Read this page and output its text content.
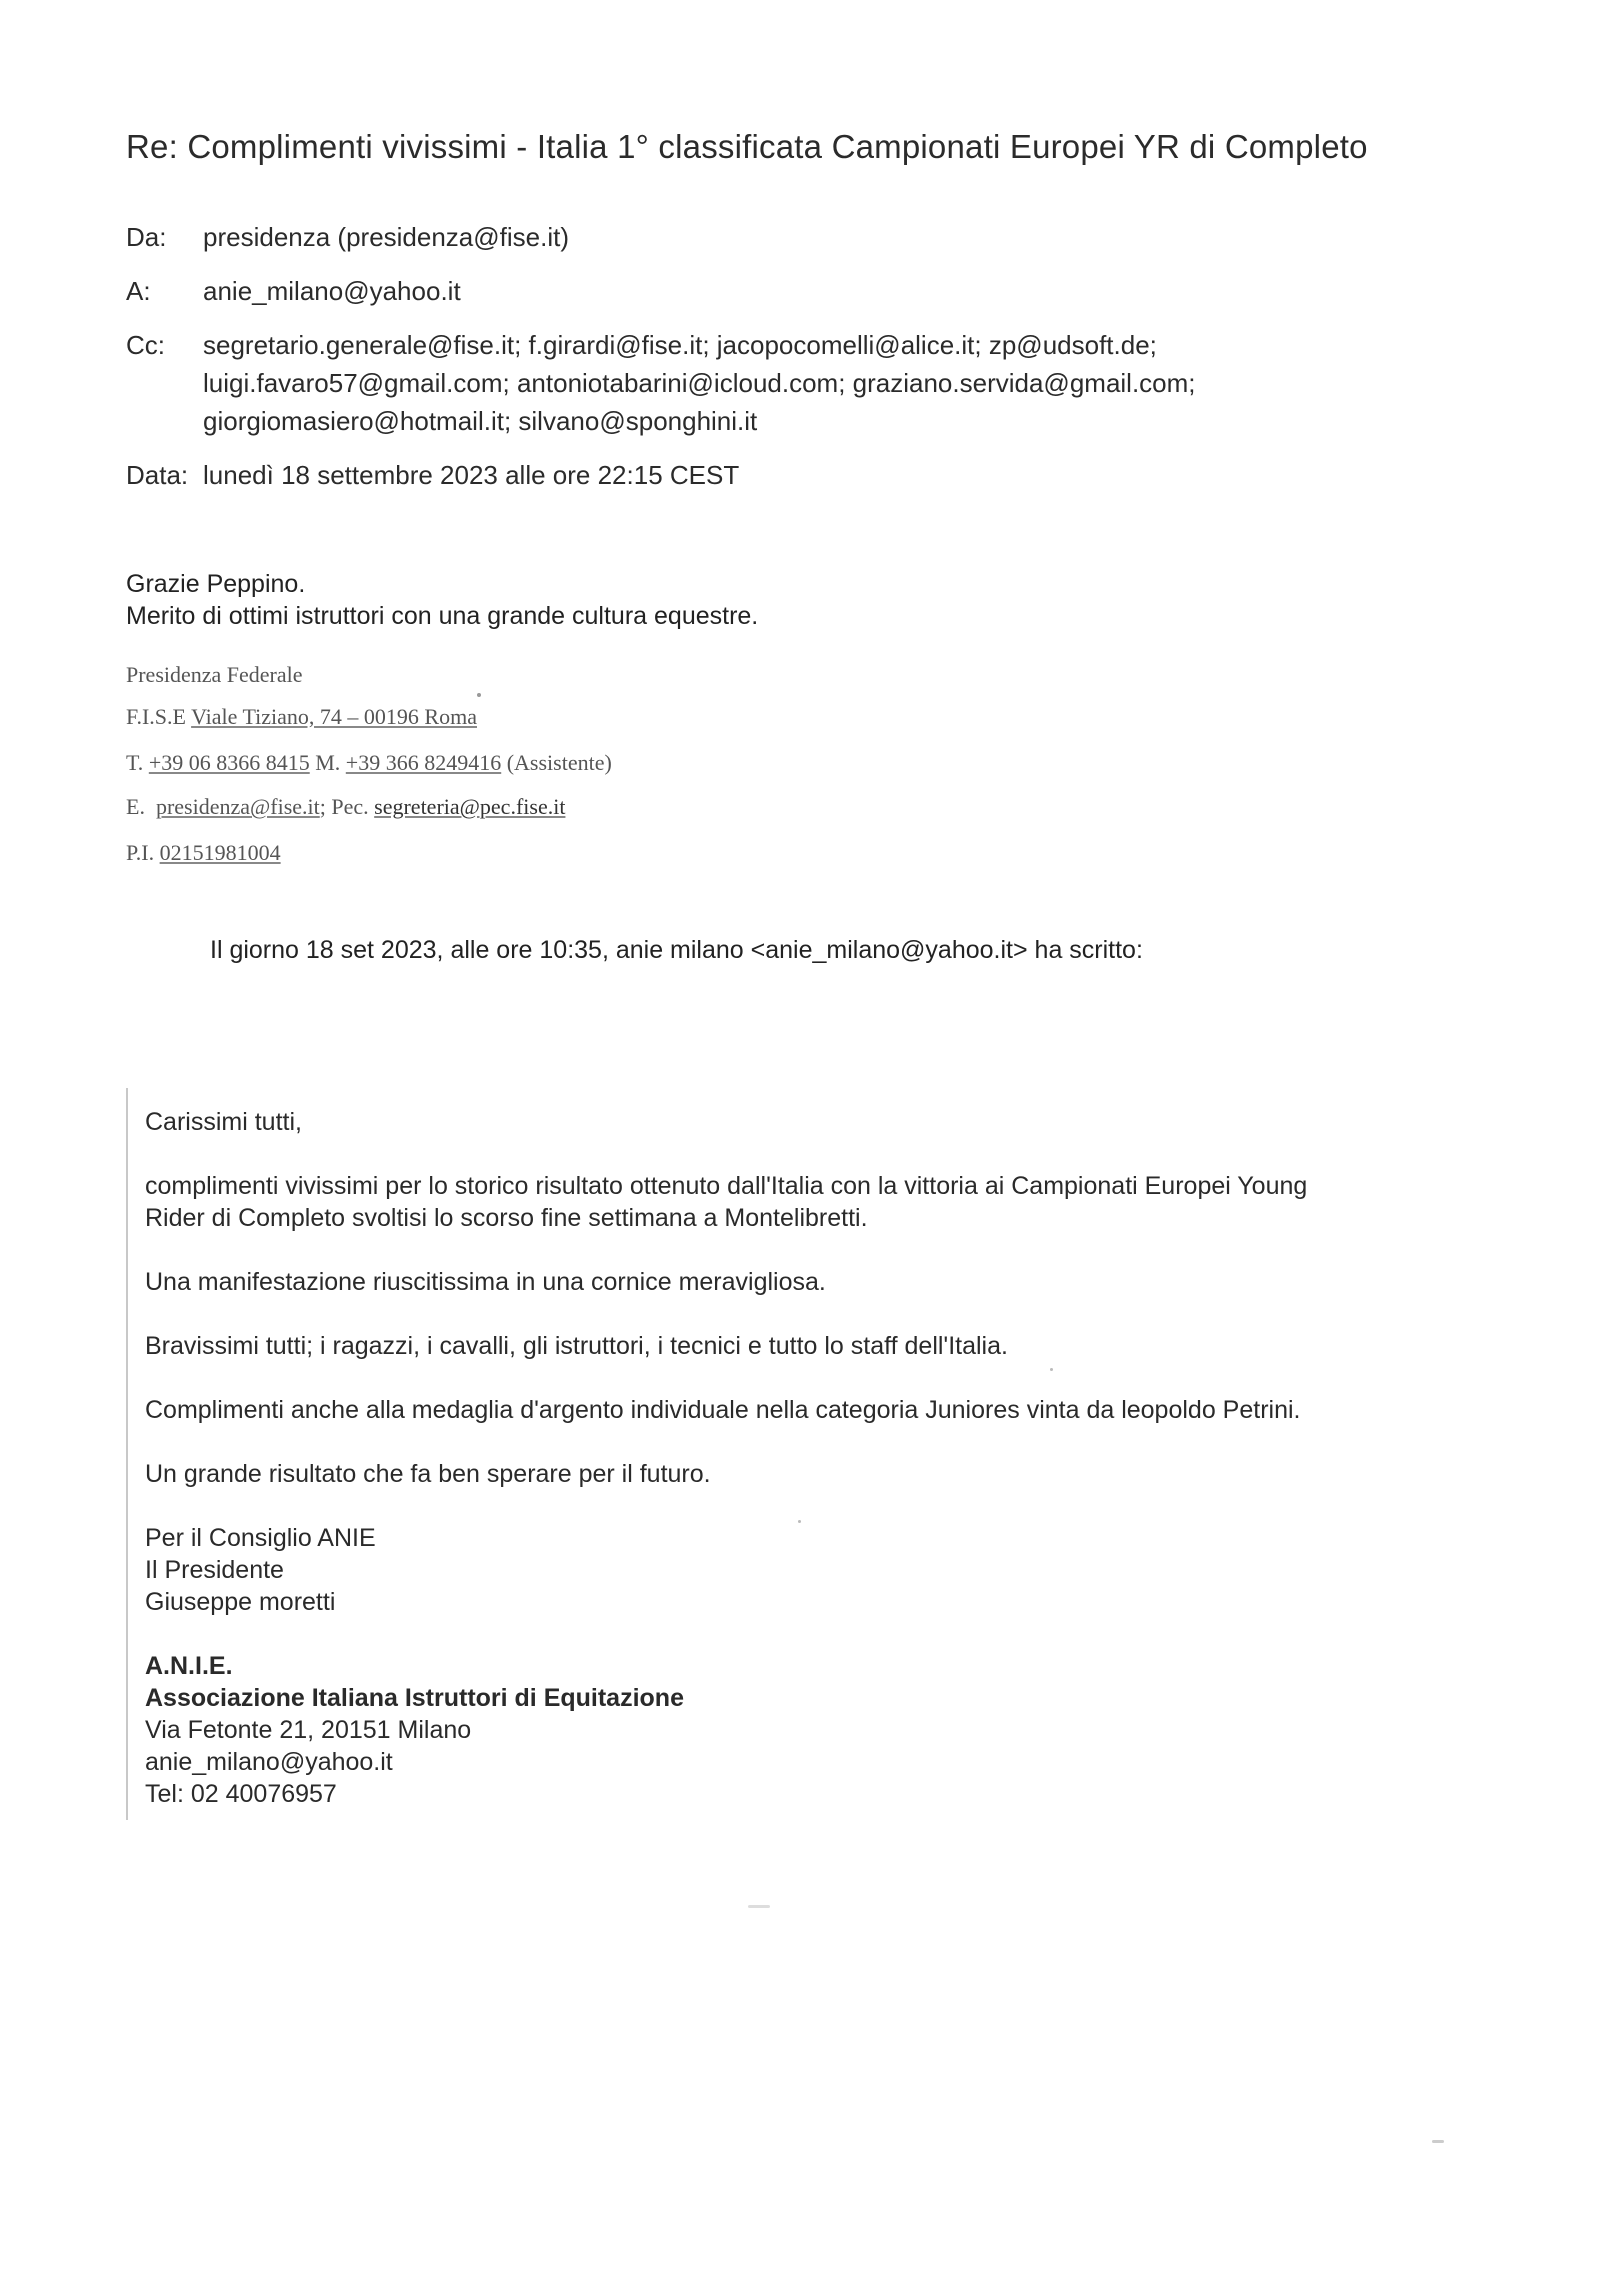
Re: Complimenti vivissimi - Italia 1° classificata Campionati Europei YR di Completo
Da: presidenza (presidenza@fise.it)
A: anie_milano@yahoo.it
Cc: segretario.generale@fise.it; f.girardi@fise.it; jacopocomelli@alice.it; zp@udsoft.de;
luigi.favaro57@gmail.com; antoniotabarini@icloud.com; graziano.servida@gmail.com;
giorgiomasiero@hotmail.it; silvano@sponghini.it
Data: lunedì 18 settembre 2023 alle ore 22:15 CEST
Grazie Peppino.
Merito di ottimi istruttori con una grande cultura equestre.
Presidenza Federale
F.I.S.E Viale Tiziano, 74 – 00196 Roma
T. +39 06 8366 8415 M. +39 366 8249416 (Assistente)
E. presidenza@fise.it; Pec. segreteria@pec.fise.it
P.I. 02151981004
Il giorno 18 set 2023, alle ore 10:35, anie milano <anie_milano@yahoo.it> ha scritto:
Carissimi tutti,
complimenti vivissimi per lo storico risultato ottenuto dall'Italia con la vittoria ai Campionati Europei Young
Rider di Completo svoltisi lo scorso fine settimana a Montelibretti.
Una manifestazione riuscitissima in una cornice meravigliosa.
Bravissimi tutti; i ragazzi, i cavalli, gli istruttori, i tecnici e tutto lo staff dell'Italia.
Complimenti anche alla medaglia d'argento individuale nella categoria Juniores vinta da leopoldo Petrini.
Un grande risultato che fa ben sperare per il futuro.
Per il Consiglio ANIE
Il Presidente
Giuseppe moretti
A.N.I.E.
Associazione Italiana Istruttori di Equitazione
Via Fetonte 21, 20151 Milano
anie_milano@yahoo.it
Tel: 02 40076957
